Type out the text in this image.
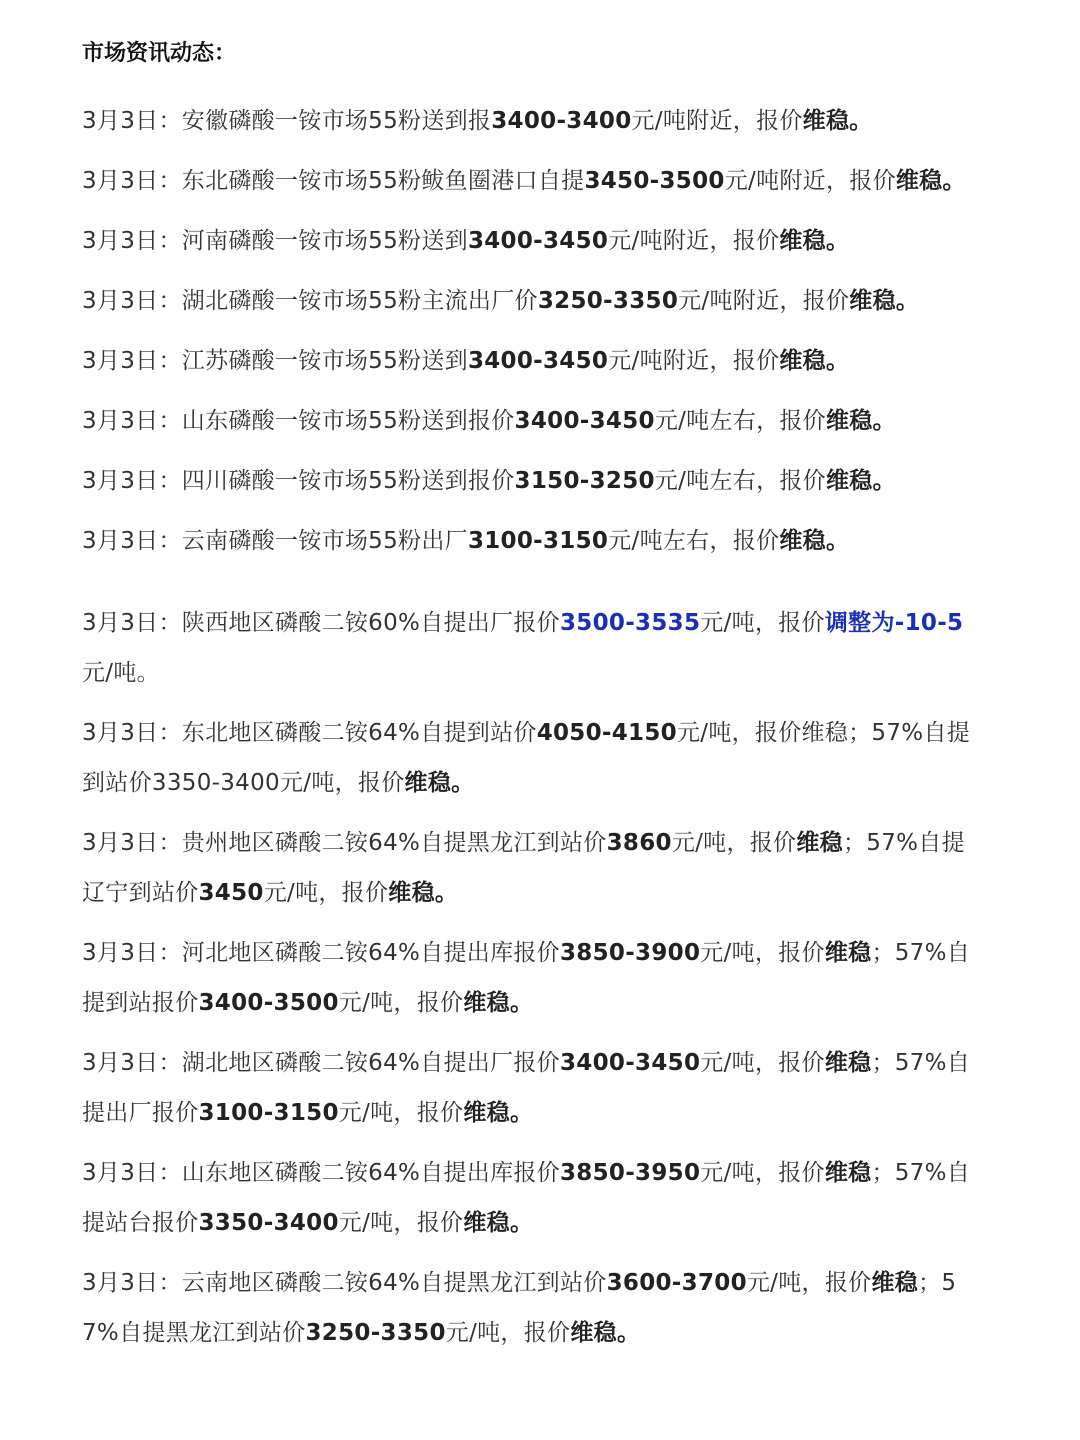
市场资讯动态：
3月3日：安徽磷酸一铵市场55粉送到报3400-3400元/吨附近，报价维稳。
3月3日：东北磷酸一铵市场55粉鲅鱼圈港口自提3450-3500元/吨附近，报价维稳。
3月3日：河南磷酸一铵市场55粉送到3400-3450元/吨附近，报价维稳。
3月3日：湖北磷酸一铵市场55粉主流出厂价3250-3350元/吨附近，报价维稳。
3月3日：江苏磷酸一铵市场55粉送到3400-3450元/吨附近，报价维稳。
3月3日：山东磷酸一铵市场55粉送到报价3400-3450元/吨左右，报价维稳。
3月3日：四川磷酸一铵市场55粉送到报价3150-3250元/吨左右，报价维稳。
3月3日：云南磷酸一铵市场55粉出厂3100-3150元/吨左右，报价维稳。
3月3日：陕西地区磷酸二铵60%自提出厂报价3500-3535元/吨，报价调整为-10-5元/吨。
3月3日：东北地区磷酸二铵64%自提到站价4050-4150元/吨，报价维稳；57%自提到站价3350-3400元/吨，报价维稳。
3月3日：贵州地区磷酸二铵64%自提黑龙江到站价3860元/吨，报价维稳；57%自提辽宁到站价3450元/吨，报价维稳。
3月3日：河北地区磷酸二铵64%自提出库报价3850-3900元/吨，报价维稳；57%自提到站报价3400-3500元/吨，报价维稳。
3月3日：湖北地区磷酸二铵64%自提出厂报价3400-3450元/吨，报价维稳；57%自提出厂报价3100-3150元/吨，报价维稳。
3月3日：山东地区磷酸二铵64%自提出库报价3850-3950元/吨，报价维稳；57%自提站台报价3350-3400元/吨，报价维稳。
3月3日：云南地区磷酸二铵64%自提黑龙江到站价3600-3700元/吨，报价维稳；57%自提黑龙江到站价3250-3350元/吨，报价维稳。
